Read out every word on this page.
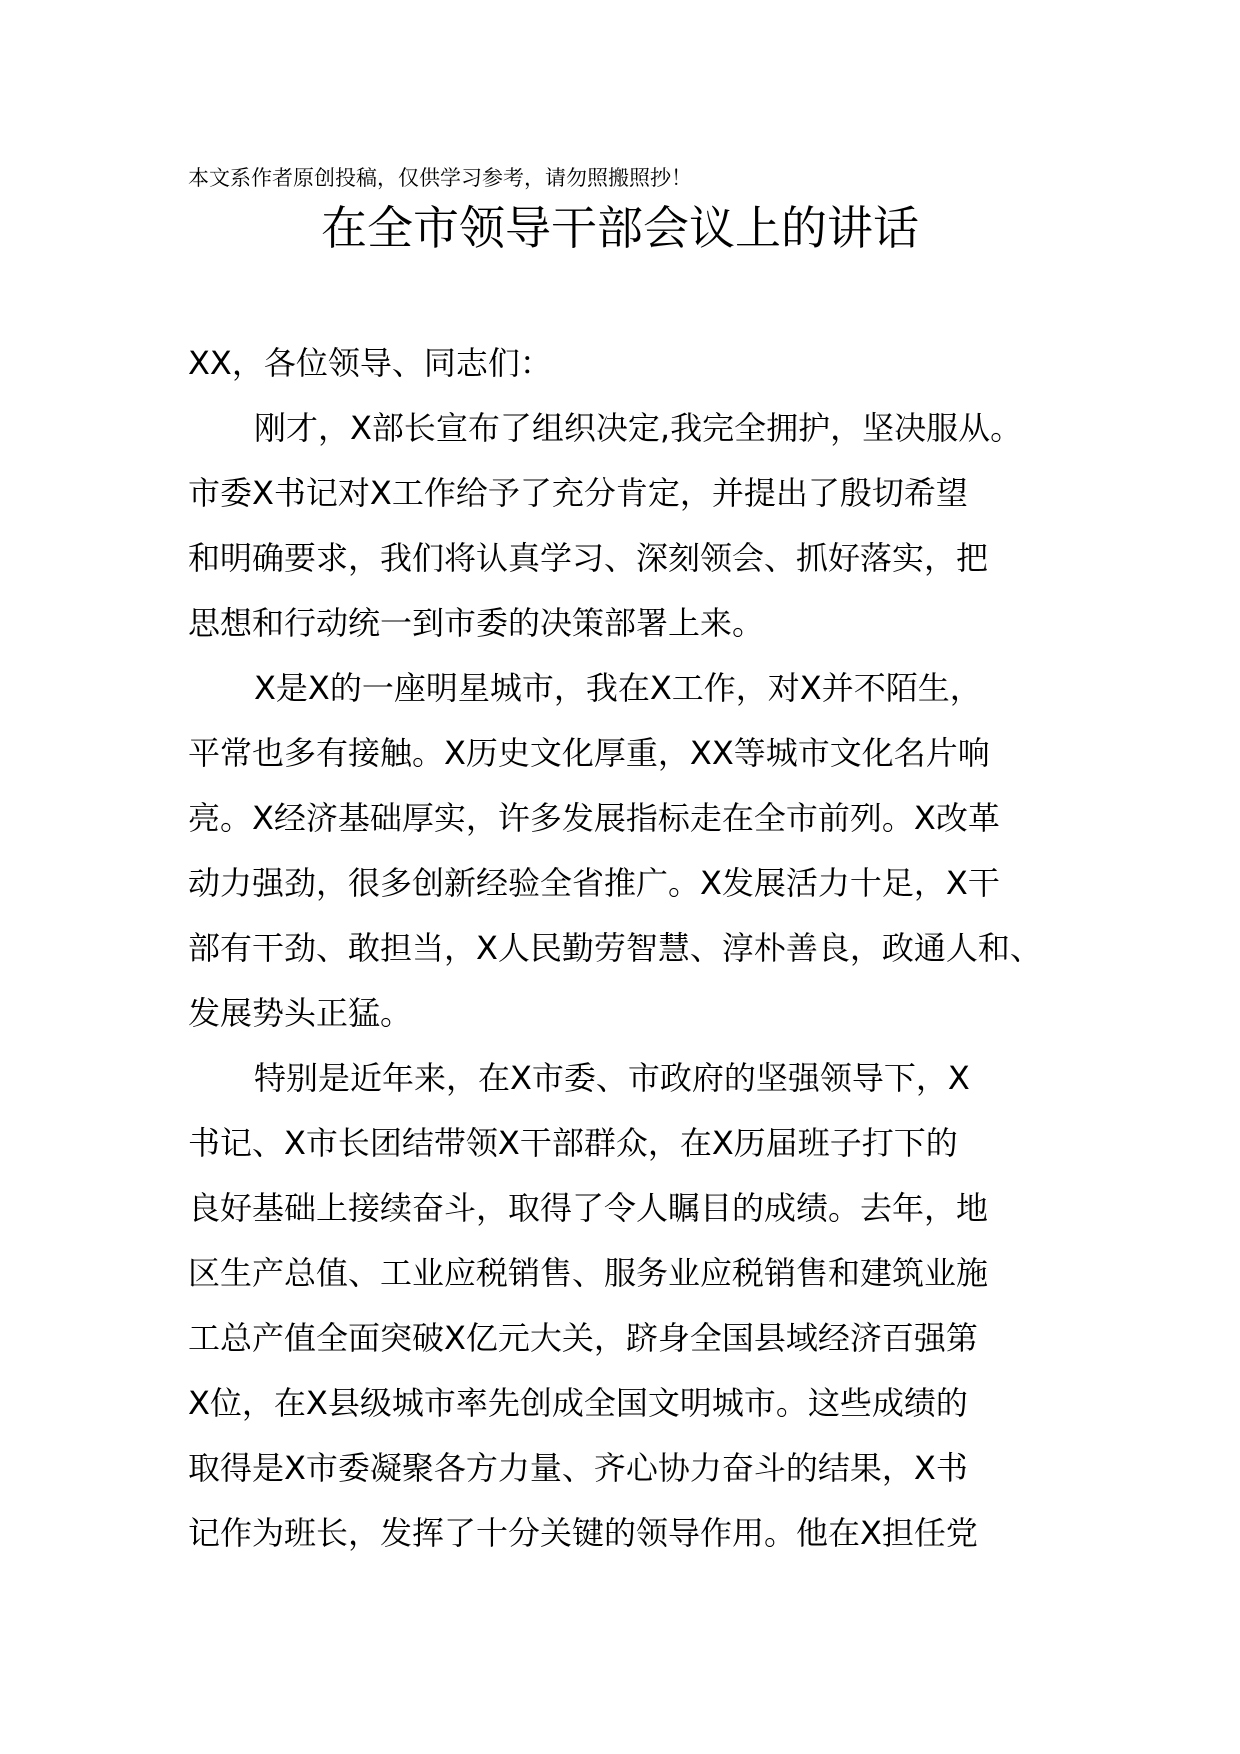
本文系作者原创投稿，仅供学习参考，请勿照搬照抄！
在全市领导干部会议上的讲话
XX，各位领导、同志们：
刚才，X部长宣布了组织决定,我完全拥护，坚决服从。
市委X书记对X工作给予了充分肯定，并提出了殷切希望
和明确要求，我们将认真学习、深刻领会、抓好落实，把
思想和行动统一到市委的决策部署上来。
X是X的一座明星城市，我在X工作，对X并不陌生，
平常也多有接触。X历史文化厚重，XX等城市文化名片响
亮。X经济基础厚实，许多发展指标走在全市前列。X改革
动力强劲，很多创新经验全省推广。X发展活力十足，X干
部有干劲、敢担当，X人民勤劳智慧、淳朴善良，政通人和、
发展势头正猛。
特别是近年来，在X市委、市政府的坚强领导下，X
书记、X市长团结带领X干部群众，在X历届班子打下的
良好基础上接续奋斗，取得了令人瞩目的成绩。去年，地
区生产总值、工业应税销售、服务业应税销售和建筑业施
工总产值全面突破X亿元大关，跻身全国县域经济百强第
X位，在X县级城市率先创成全国文明城市。这些成绩的
取得是X市委凝聚各方力量、齐心协力奋斗的结果，X书
记作为班长，发挥了十分关键的领导作用。他在X担任党
